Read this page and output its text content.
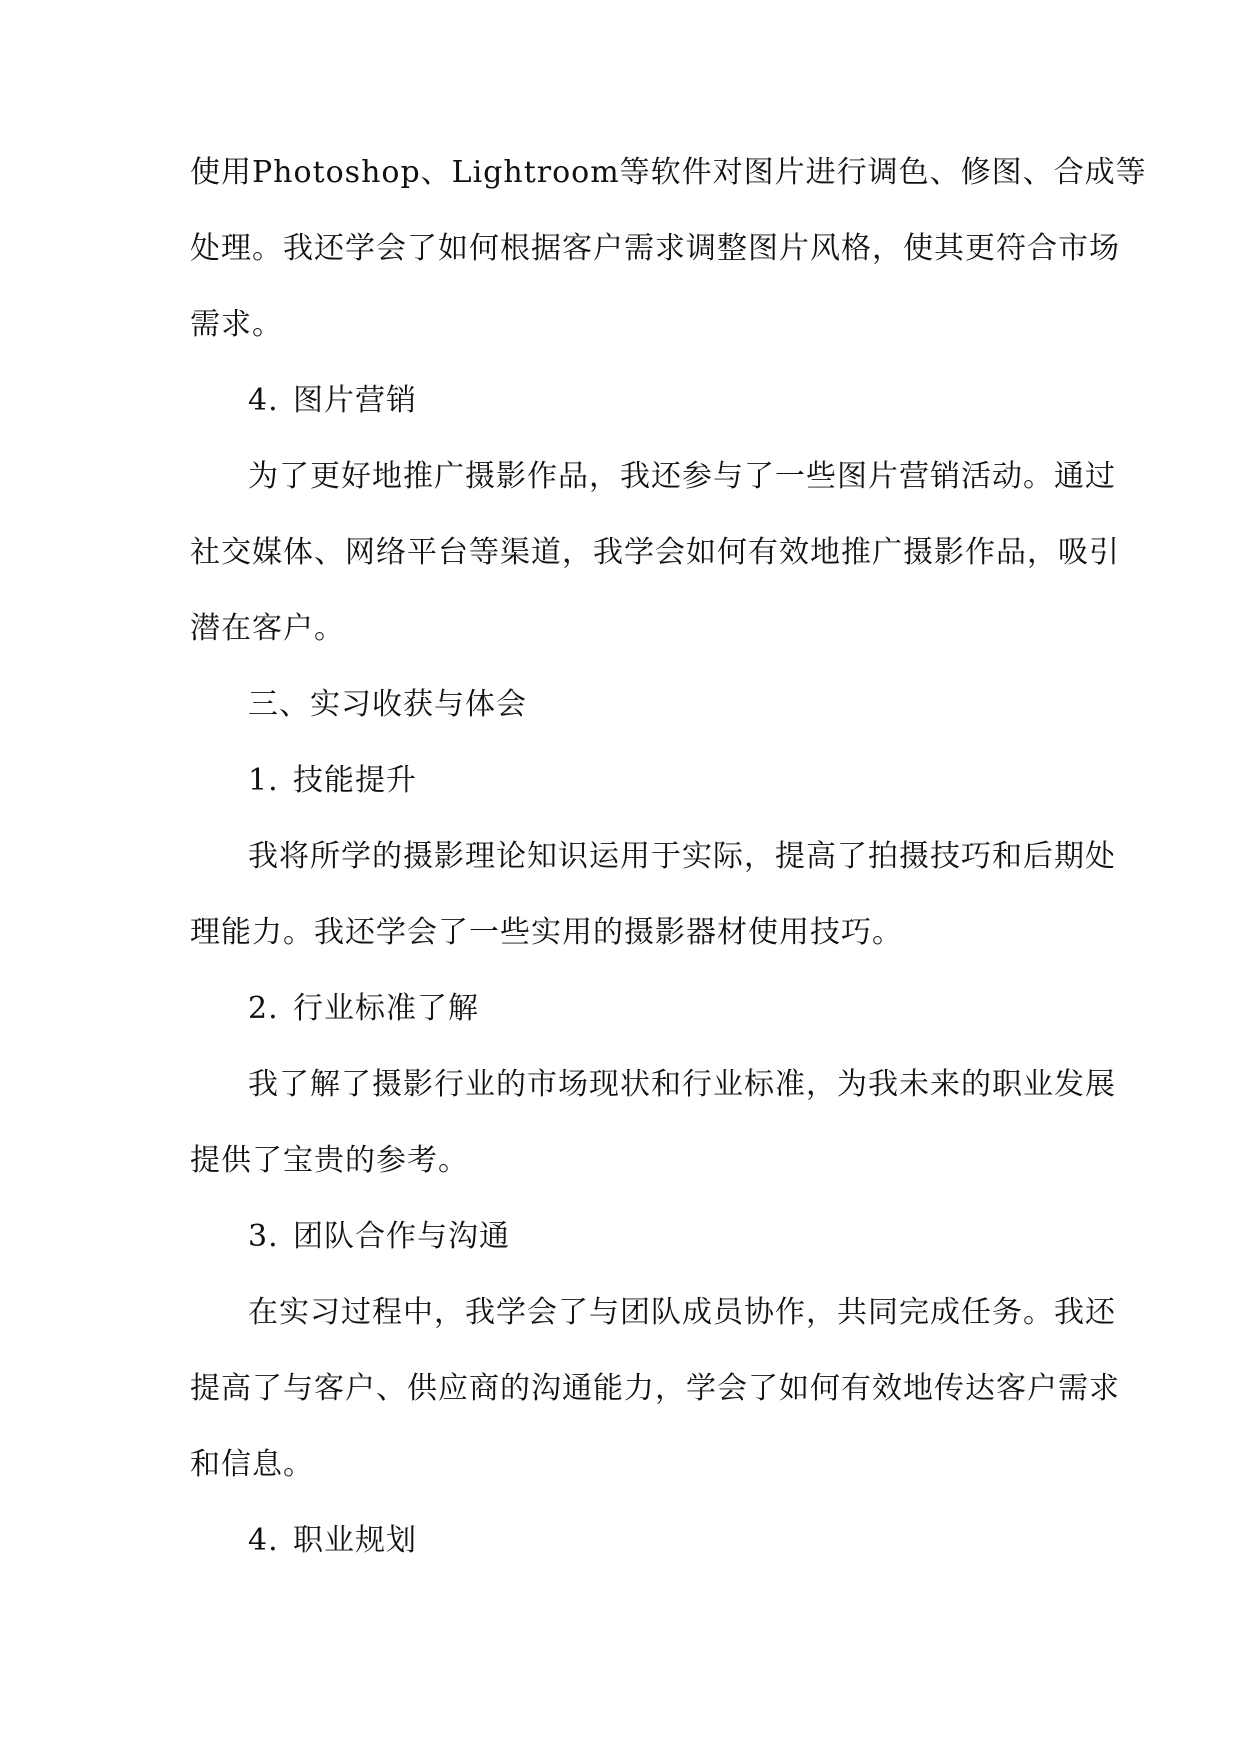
使用Photoshop、Lightroom等软件对图片进行调色、修图、合成等
处理。我还学会了如何根据客户需求调整图片风格，使其更符合市场
需求。
4. 图片营销
为了更好地推广摄影作品，我还参与了一些图片营销活动。通过
社交媒体、网络平台等渠道，我学会如何有效地推广摄影作品，吸引
潜在客户。
三、实习收获与体会
1. 技能提升
我将所学的摄影理论知识运用于实际，提高了拍摄技巧和后期处
理能力。我还学会了一些实用的摄影器材使用技巧。
2. 行业标准了解
我了解了摄影行业的市场现状和行业标准，为我未来的职业发展
提供了宝贵的参考。
3. 团队合作与沟通
在实习过程中，我学会了与团队成员协作，共同完成任务。我还
提高了与客户、供应商的沟通能力，学会了如何有效地传达客户需求
和信息。
4. 职业规划
